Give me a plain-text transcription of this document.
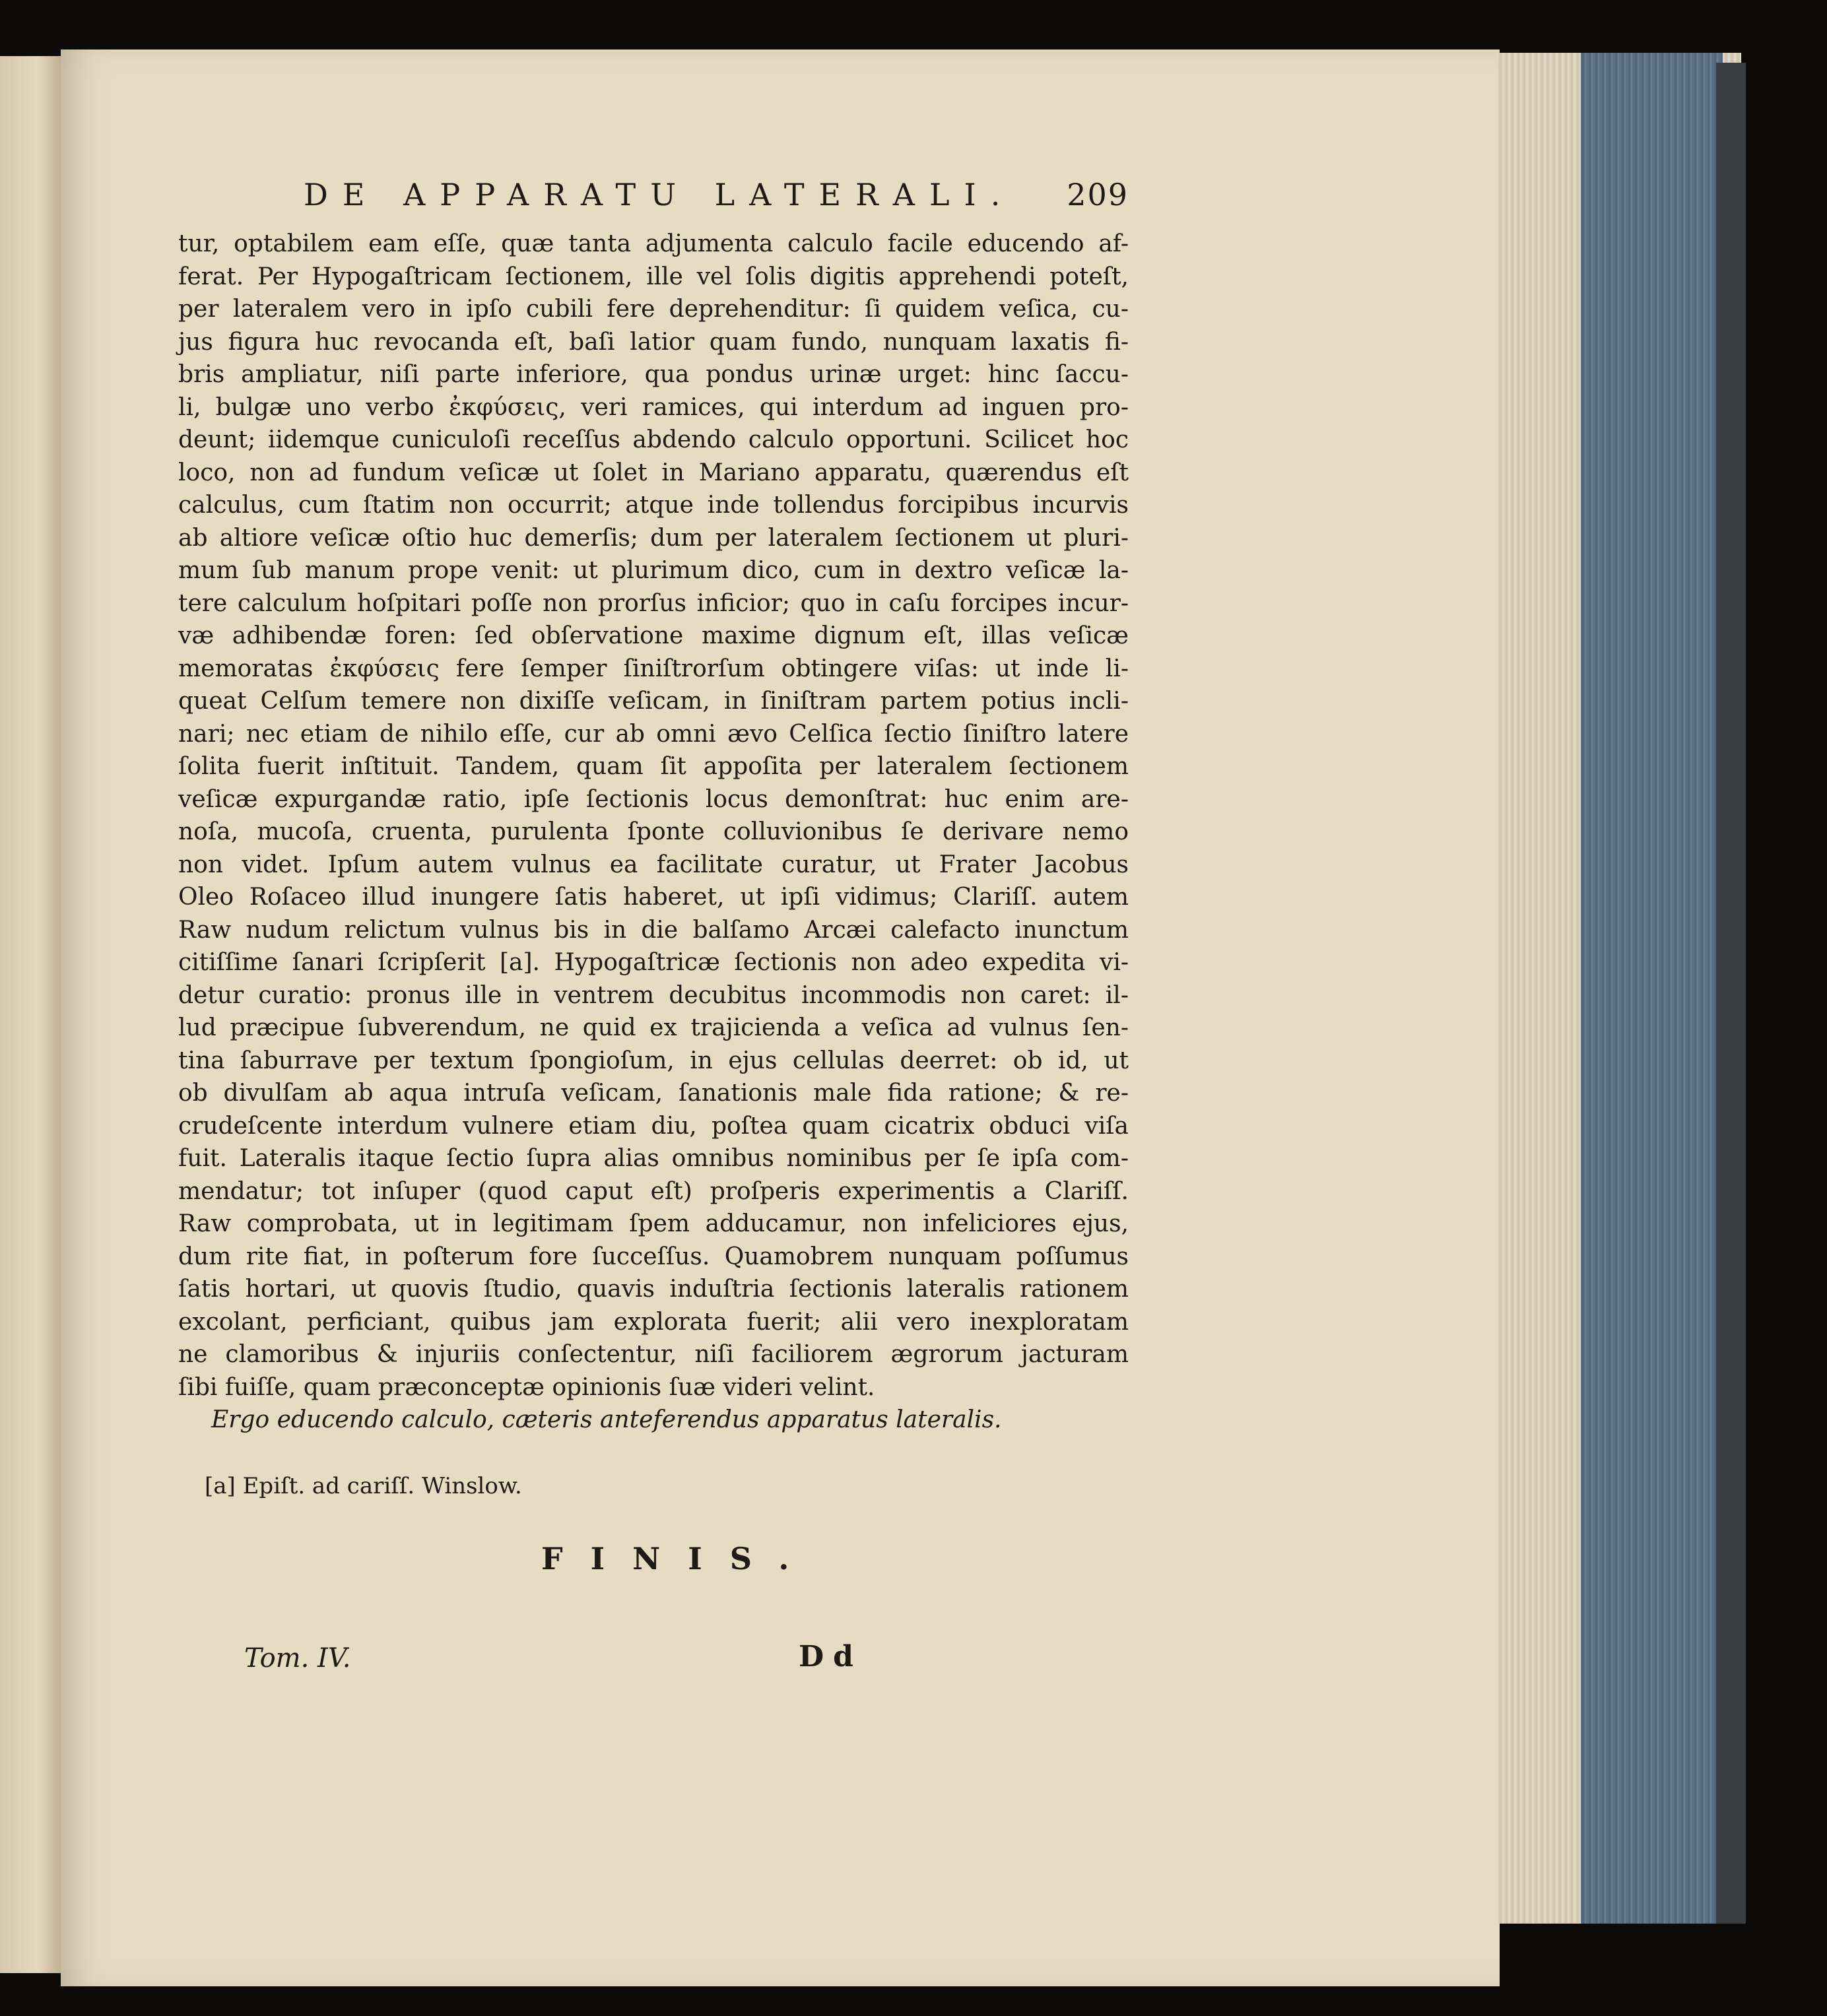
DE APPARATU LATERALI. 209
tur, optabilem eam eſſe, quæ tanta adjumenta calculo facile educendo af-
ferat. Per Hypogaſtricam ſectionem, ille vel ſolis digitis apprehendi poteſt,
per lateralem vero in ipſo cubili fere deprehenditur: ſi quidem veſica, cu-
jus figura huc revocanda eſt, baſi latior quam fundo, nunquam laxatis fi-
bris ampliatur, niſi parte inferiore, qua pondus urinæ urget: hinc ſaccu-
li, bulgæ uno verbo ἐκφύσεις, veri ramices, qui interdum ad inguen pro-
deunt; iidemque cuniculoſi receſſus abdendo calculo opportuni. Scilicet hoc
loco, non ad fundum veſicæ ut ſolet in Mariano apparatu, quærendus eſt
calculus, cum ſtatim non occurrit; atque inde tollendus forcipibus incurvis
ab altiore veſicæ oſtio huc demerſis; dum per lateralem ſectionem ut pluri-
mum ſub manum prope venit: ut plurimum dico, cum in dextro veſicæ la-
tere calculum hoſpitari poſſe non prorſus inficior; quo in caſu forcipes incur-
væ adhibendæ foren: ſed obſervatione maxime dignum eſt, illas veſicæ
memoratas ἐκφύσεις fere ſemper ſiniſtrorſum obtingere viſas: ut inde li-
queat Celſum temere non dixiſſe veſicam, in ſiniſtram partem potius incli-
nari; nec etiam de nihilo eſſe, cur ab omni ævo Celſica ſectio ſiniſtro latere
ſolita fuerit inſtituit. Tandem, quam ſit appoſita per lateralem ſectionem
veſicæ expurgandæ ratio, ipſe ſectionis locus demonſtrat: huc enim are-
noſa, mucoſa, cruenta, purulenta ſponte colluvionibus ſe derivare nemo
non videt. Ipſum autem vulnus ea facilitate curatur, ut Frater Jacobus
Oleo Roſaceo illud inungere ſatis haberet, ut ipſi vidimus; Clariſſ. autem
Raw nudum relictum vulnus bis in die balſamo Arcæi calefacto inunctum
citiſſime ſanari ſcripſerit [a]. Hypogaſtricæ ſectionis non adeo expedita vi-
detur curatio: pronus ille in ventrem decubitus incommodis non caret: il-
lud præcipue ſubverendum, ne quid ex trajicienda a veſica ad vulnus ſen-
tina ſaburrave per textum ſpongioſum, in ejus cellulas deerret: ob id, ut
ob divulſam ab aqua intruſa veſicam, ſanationis male fida ratione; & re-
crudeſcente interdum vulnere etiam diu, poſtea quam cicatrix obduci viſa
fuit. Lateralis itaque ſectio ſupra alias omnibus nominibus per ſe ipſa com-
mendatur; tot inſuper (quod caput eſt) proſperis experimentis a Clariſſ.
Raw comprobata, ut in legitimam ſpem adducamur, non infeliciores ejus,
dum rite fiat, in poſterum fore ſucceſſus. Quamobrem nunquam poſſumus
ſatis hortari, ut quovis ſtudio, quavis induſtria ſectionis lateralis rationem
excolant, perficiant, quibus jam explorata fuerit; alii vero inexploratam
ne clamoribus & injuriis conſectentur, niſi faciliorem ægrorum jacturam
ſibi fuiſſe, quam præconceptæ opinionis ſuæ videri velint.
Ergo educendo calculo, cæteris anteferendus apparatus lateralis.
[a] Epiſt. ad cariſſ. Winslow.
FINIS.
Tom. IV.	Dd
